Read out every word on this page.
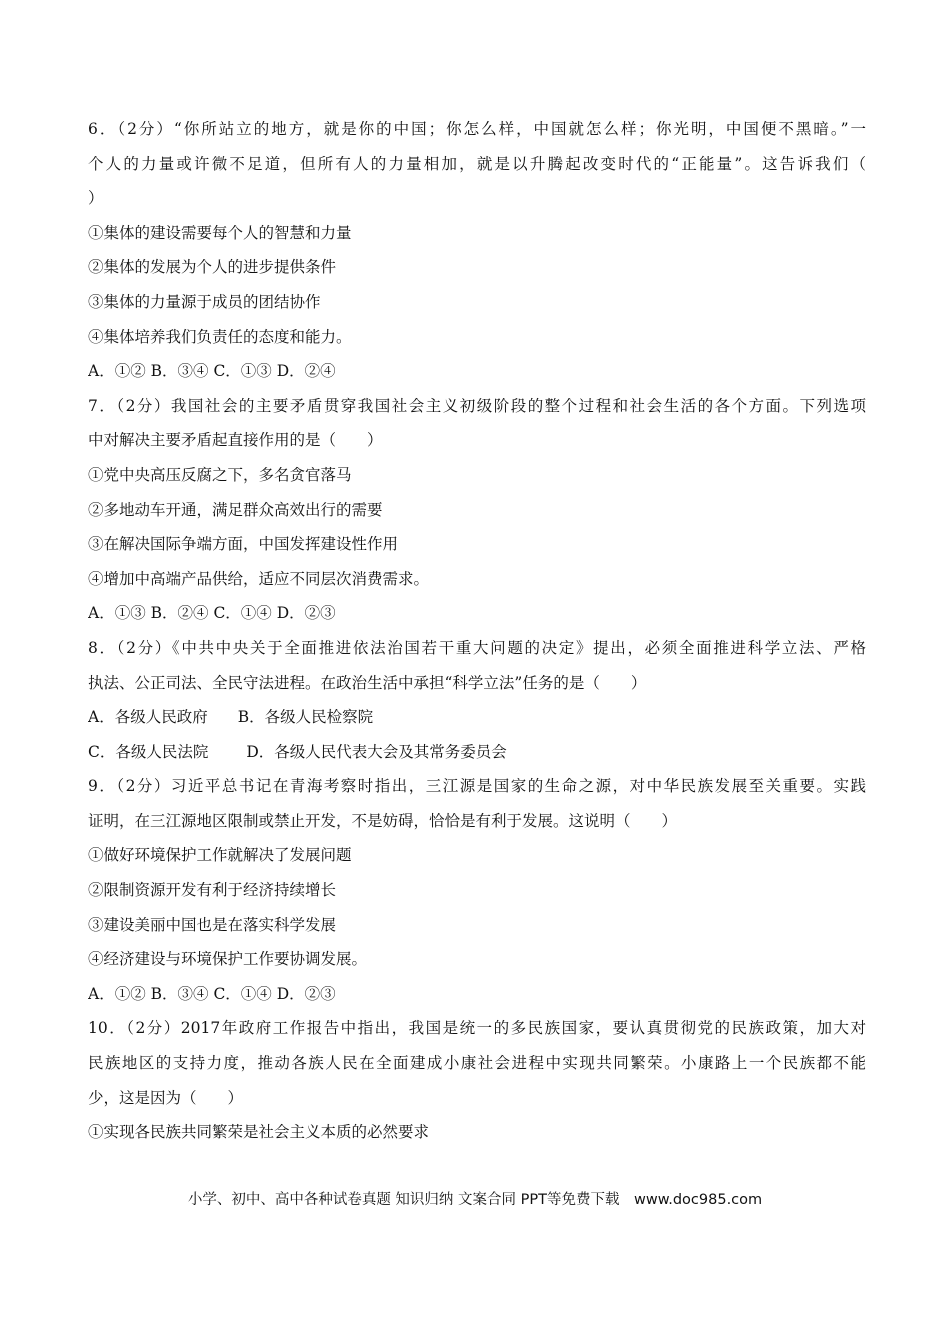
6．（2分）“你所站立的地方，就是你的中国；你怎么样，中国就怎么样；你光明，中国便不黑暗。”一
个人的力量或许微不足道，但所有人的力量相加，就是以升腾起改变时代的“正能量”。这告诉我们（
）
①集体的建设需要每个人的智慧和力量
②集体的发展为个人的进步提供条件
③集体的力量源于成员的团结协作
④集体培养我们负责任的态度和能力。
A．①② B．③④ C．①③ D．②④
7．（2分）我国社会的主要矛盾贯穿我国社会主义初级阶段的整个过程和社会生活的各个方面。下列选项
中对解决主要矛盾起直接作用的是（　　）
①党中央高压反腐之下，多名贪官落马
②多地动车开通，满足群众高效出行的需要
③在解决国际争端方面，中国发挥建设性作用
④增加中高端产品供给，适应不同层次消费需求。
A．①③ B．②④ C．①④ D．②③
8．（2分）《中共中央关于全面推进依法治国若干重大问题的决定》提出，必须全面推进科学立法、严格
执法、公正司法、全民守法进程。在政治生活中承担“科学立法”任务的是（　　）
A．各级人民政府 B．各级人民检察院
C．各级人民法院 D．各级人民代表大会及其常务委员会
9．（2分）习近平总书记在青海考察时指出，三江源是国家的生命之源，对中华民族发展至关重要。实践
证明，在三江源地区限制或禁止开发，不是妨碍，恰恰是有利于发展。这说明（　　）
①做好环境保护工作就解决了发展问题
②限制资源开发有利于经济持续增长
③建设美丽中国也是在落实科学发展
④经济建设与环境保护工作要协调发展。
A．①② B．③④ C．①④ D．②③
10．（2分）2017年政府工作报告中指出，我国是统一的多民族国家，要认真贯彻党的民族政策，加大对
民族地区的支持力度，推动各族人民在全面建成小康社会进程中实现共同繁荣。小康路上一个民族都不能
少，这是因为（　　）
①实现各民族共同繁荣是社会主义本质的必然要求
小学、初中、高中各种试卷真题 知识归纳 文案合同 PPT等免费下载　www.doc985.com
